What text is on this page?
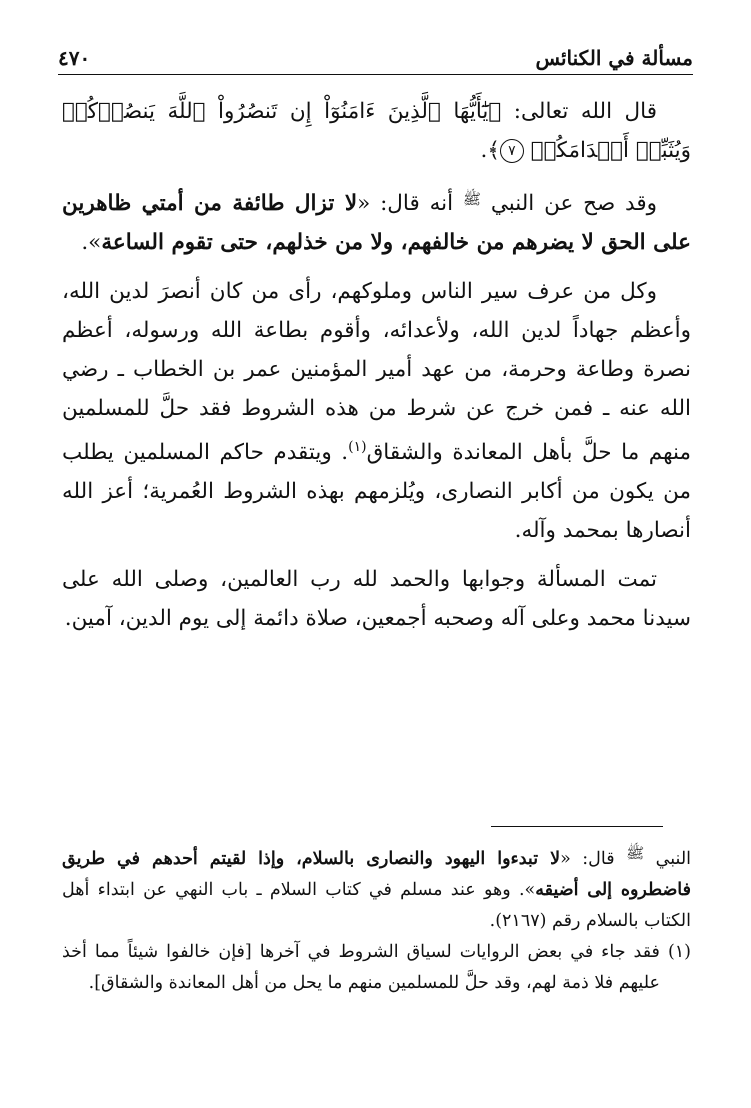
مسألة في الكنائس
٤٧٠

قال الله تعالى: ﴿يَٰٓأَيُّهَا ٱلَّذِينَ ءَامَنُوٓاْ إِن تَنصُرُواْ ٱللَّهَ يَنصُرۡكُمۡ وَيُثَبِّتۡ أَقۡدَامَكُمۡ ٧﴾.

وقد صح عن النبي $^ﷺ$ أنه قال: «لا تزال طائفة من أمتي ظاهرين على الحق لا يضرهم من خالفهم، ولا من خذلهم، حتى تقوم الساعة».

وكل من عرف سير الناس وملوكهم، رأى من كان أنصرَ لدين الله، وأعظم جهاداً لدين الله، ولأعدائه، وأقوم بطاعة الله ورسوله، أعظم نصرة وطاعة وحرمة، من عهد أمير المؤمنين عمر بن الخطاب ـ رضي الله عنه ـ فمن خرج عن شرط من هذه الشروط فقد حلَّ للمسلمين منهم ما حلَّ بأهل المعاندة والشقاق$^{(١)}$. ويتقدم حاكم المسلمين يطلب من يكون من أكابر النصارى، ويُلزمهم بهذه الشروط العُمرية؛ أعز الله أنصارها بمحمد وآله.

تمت المسألة وجوابها والحمد لله رب العالمين، وصلى الله على سيدنا محمد وعلى آله وصحبه أجمعين، صلاة دائمة إلى يوم الدين، آمين.

النبي ﷺ قال: «لا تبدءوا اليهود والنصارى بالسلام، وإذا لقيتم أحدهم في طريق فاضطروه إلى أضيقه». وهو عند مسلم في كتاب السلام ـ باب النهي عن ابتداء أهل الكتاب بالسلام رقم (٢١٦٧).

(١)
فقد جاء في بعض الروايات لسياق الشروط في آخرها [فإن خالفوا شيئاً مما أخذ عليهم فلا ذمة لهم، وقد حلَّ للمسلمين منهم ما يحل من أهل المعاندة والشقاق].
